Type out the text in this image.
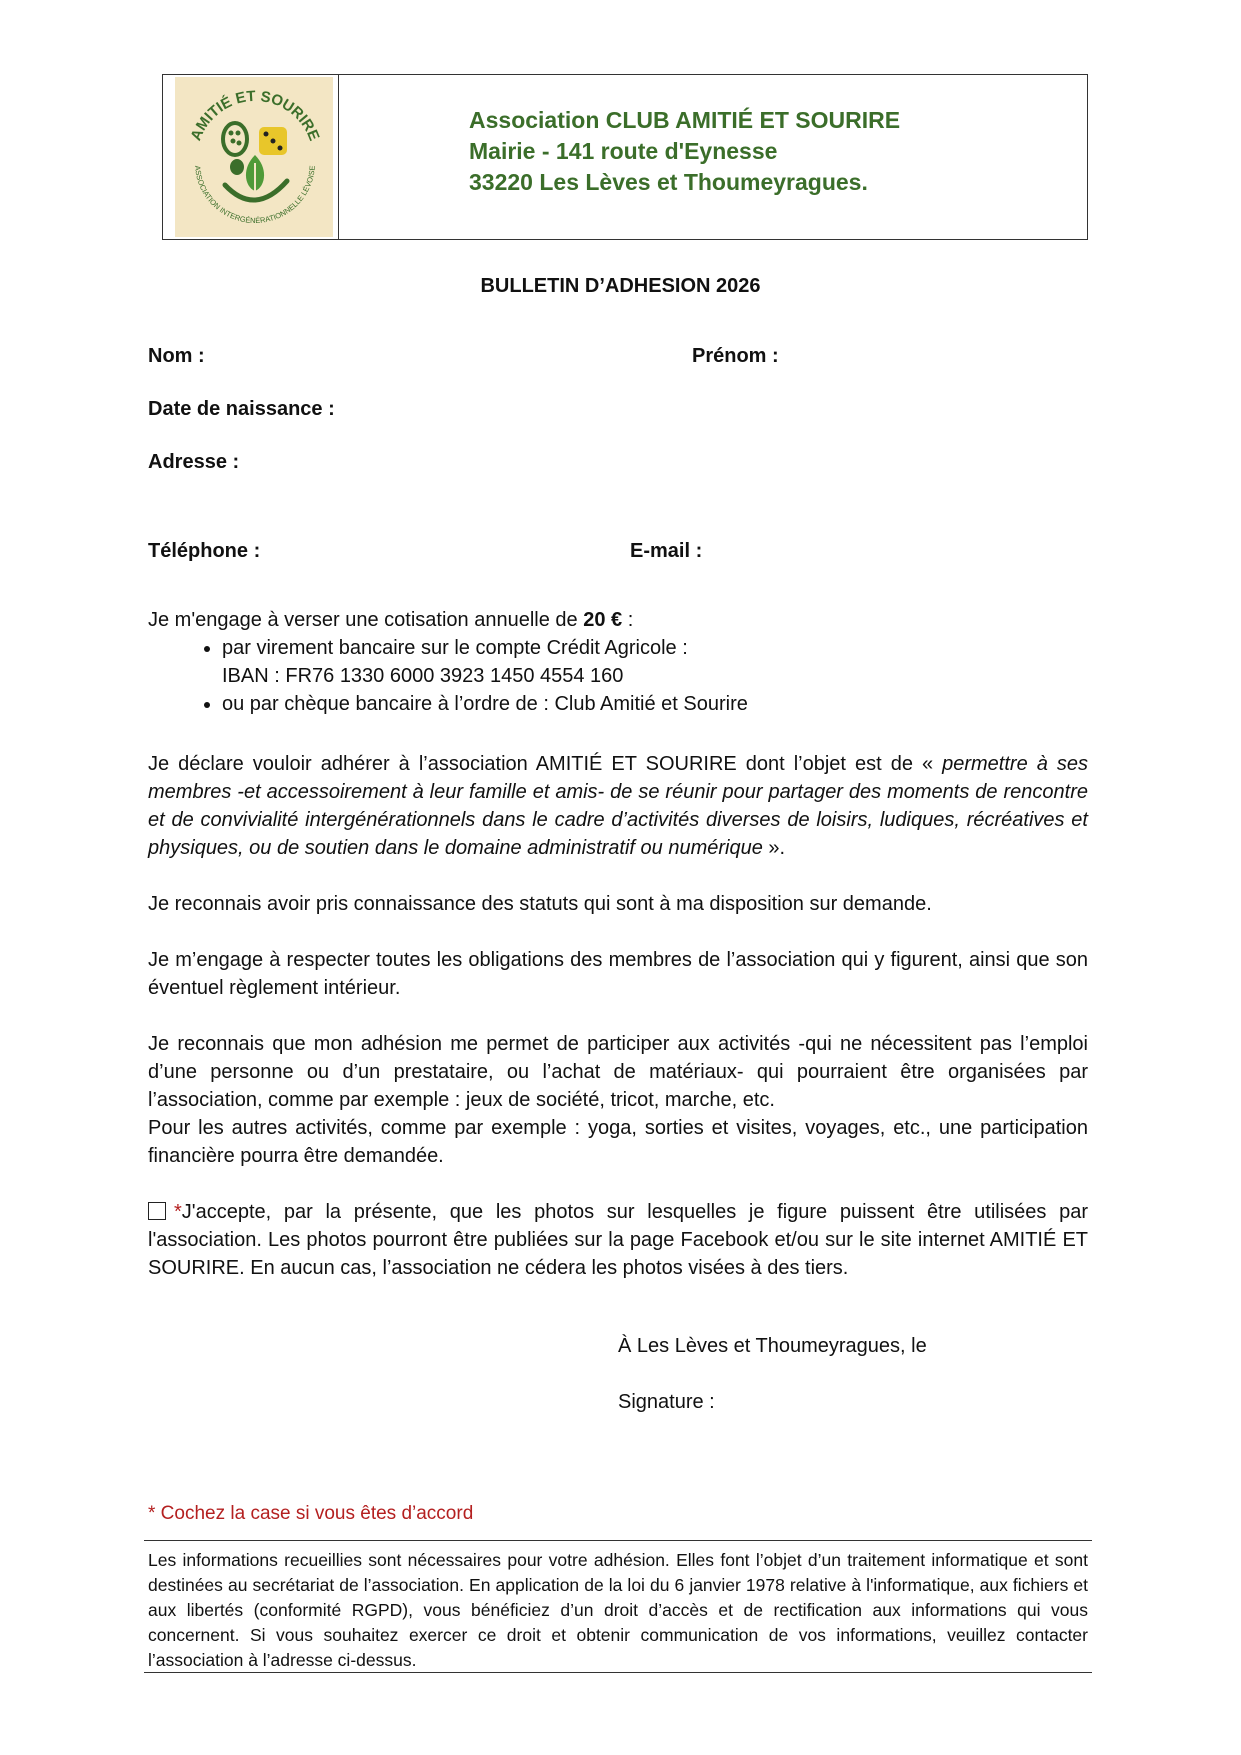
AMITIÉ ET SOURIRE
ASSOCIATION INTERGÉNÉRATIONNELLE LÉVOISE
Association CLUB AMITIÉ ET SOURIRE
Mairie - 141 route d'Eynesse
33220 Les Lèves et Thoumeyragues.
BULLETIN D’ADHESION 2026
Nom :	Prénom :
Date de naissance :
Adresse :
Téléphone :	E-mail :
Je m'engage à verser une cotisation annuelle de 20 € :
• par virement bancaire sur le compte Crédit Agricole :
IBAN : FR76 1330 6000 3923 1450 4554 160
• ou par chèque bancaire à l’ordre de : Club Amitié et Sourire
Je déclare vouloir adhérer à l’association AMITIÉ ET SOURIRE dont l’objet est de « permettre à ses membres -et accessoirement à leur famille et amis- de se réunir pour partager des moments de rencontre et de convivialité intergénérationnels dans le cadre d’activités diverses de loisirs, ludiques, récréatives et physiques, ou de soutien dans le domaine administratif ou numérique ».
Je reconnais avoir pris connaissance des statuts qui sont à ma disposition sur demande.
Je m’engage à respecter toutes les obligations des membres de l’association qui y figurent, ainsi que son éventuel règlement intérieur.
Je reconnais que mon adhésion me permet de participer aux activités -qui ne nécessitent pas l’emploi d’une personne ou d’un prestataire, ou l’achat de matériaux- qui pourraient être organisées par l’association, comme par exemple : jeux de société, tricot, marche, etc.
Pour les autres activités, comme par exemple : yoga, sorties et visites, voyages, etc., une participation financière pourra être demandée.
*J'accepte, par la présente, que les photos sur lesquelles je figure puissent être utilisées par l'association. Les photos pourront être publiées sur la page Facebook et/ou sur le site internet AMITIÉ ET SOURIRE. En aucun cas, l’association ne cédera les photos visées à des tiers.
À Les Lèves et Thoumeyragues, le
Signature :
* Cochez la case si vous êtes d’accord
Les informations recueillies sont nécessaires pour votre adhésion. Elles font l’objet d’un traitement informatique et sont destinées au secrétariat de l’association. En application de la loi du 6 janvier 1978 relative à l'informatique, aux fichiers et aux libertés (conformité RGPD), vous bénéficiez d’un droit d’accès et de rectification aux informations qui vous concernent. Si vous souhaitez exercer ce droit et obtenir communication de vos informations, veuillez contacter l’association à l’adresse ci-dessus.
